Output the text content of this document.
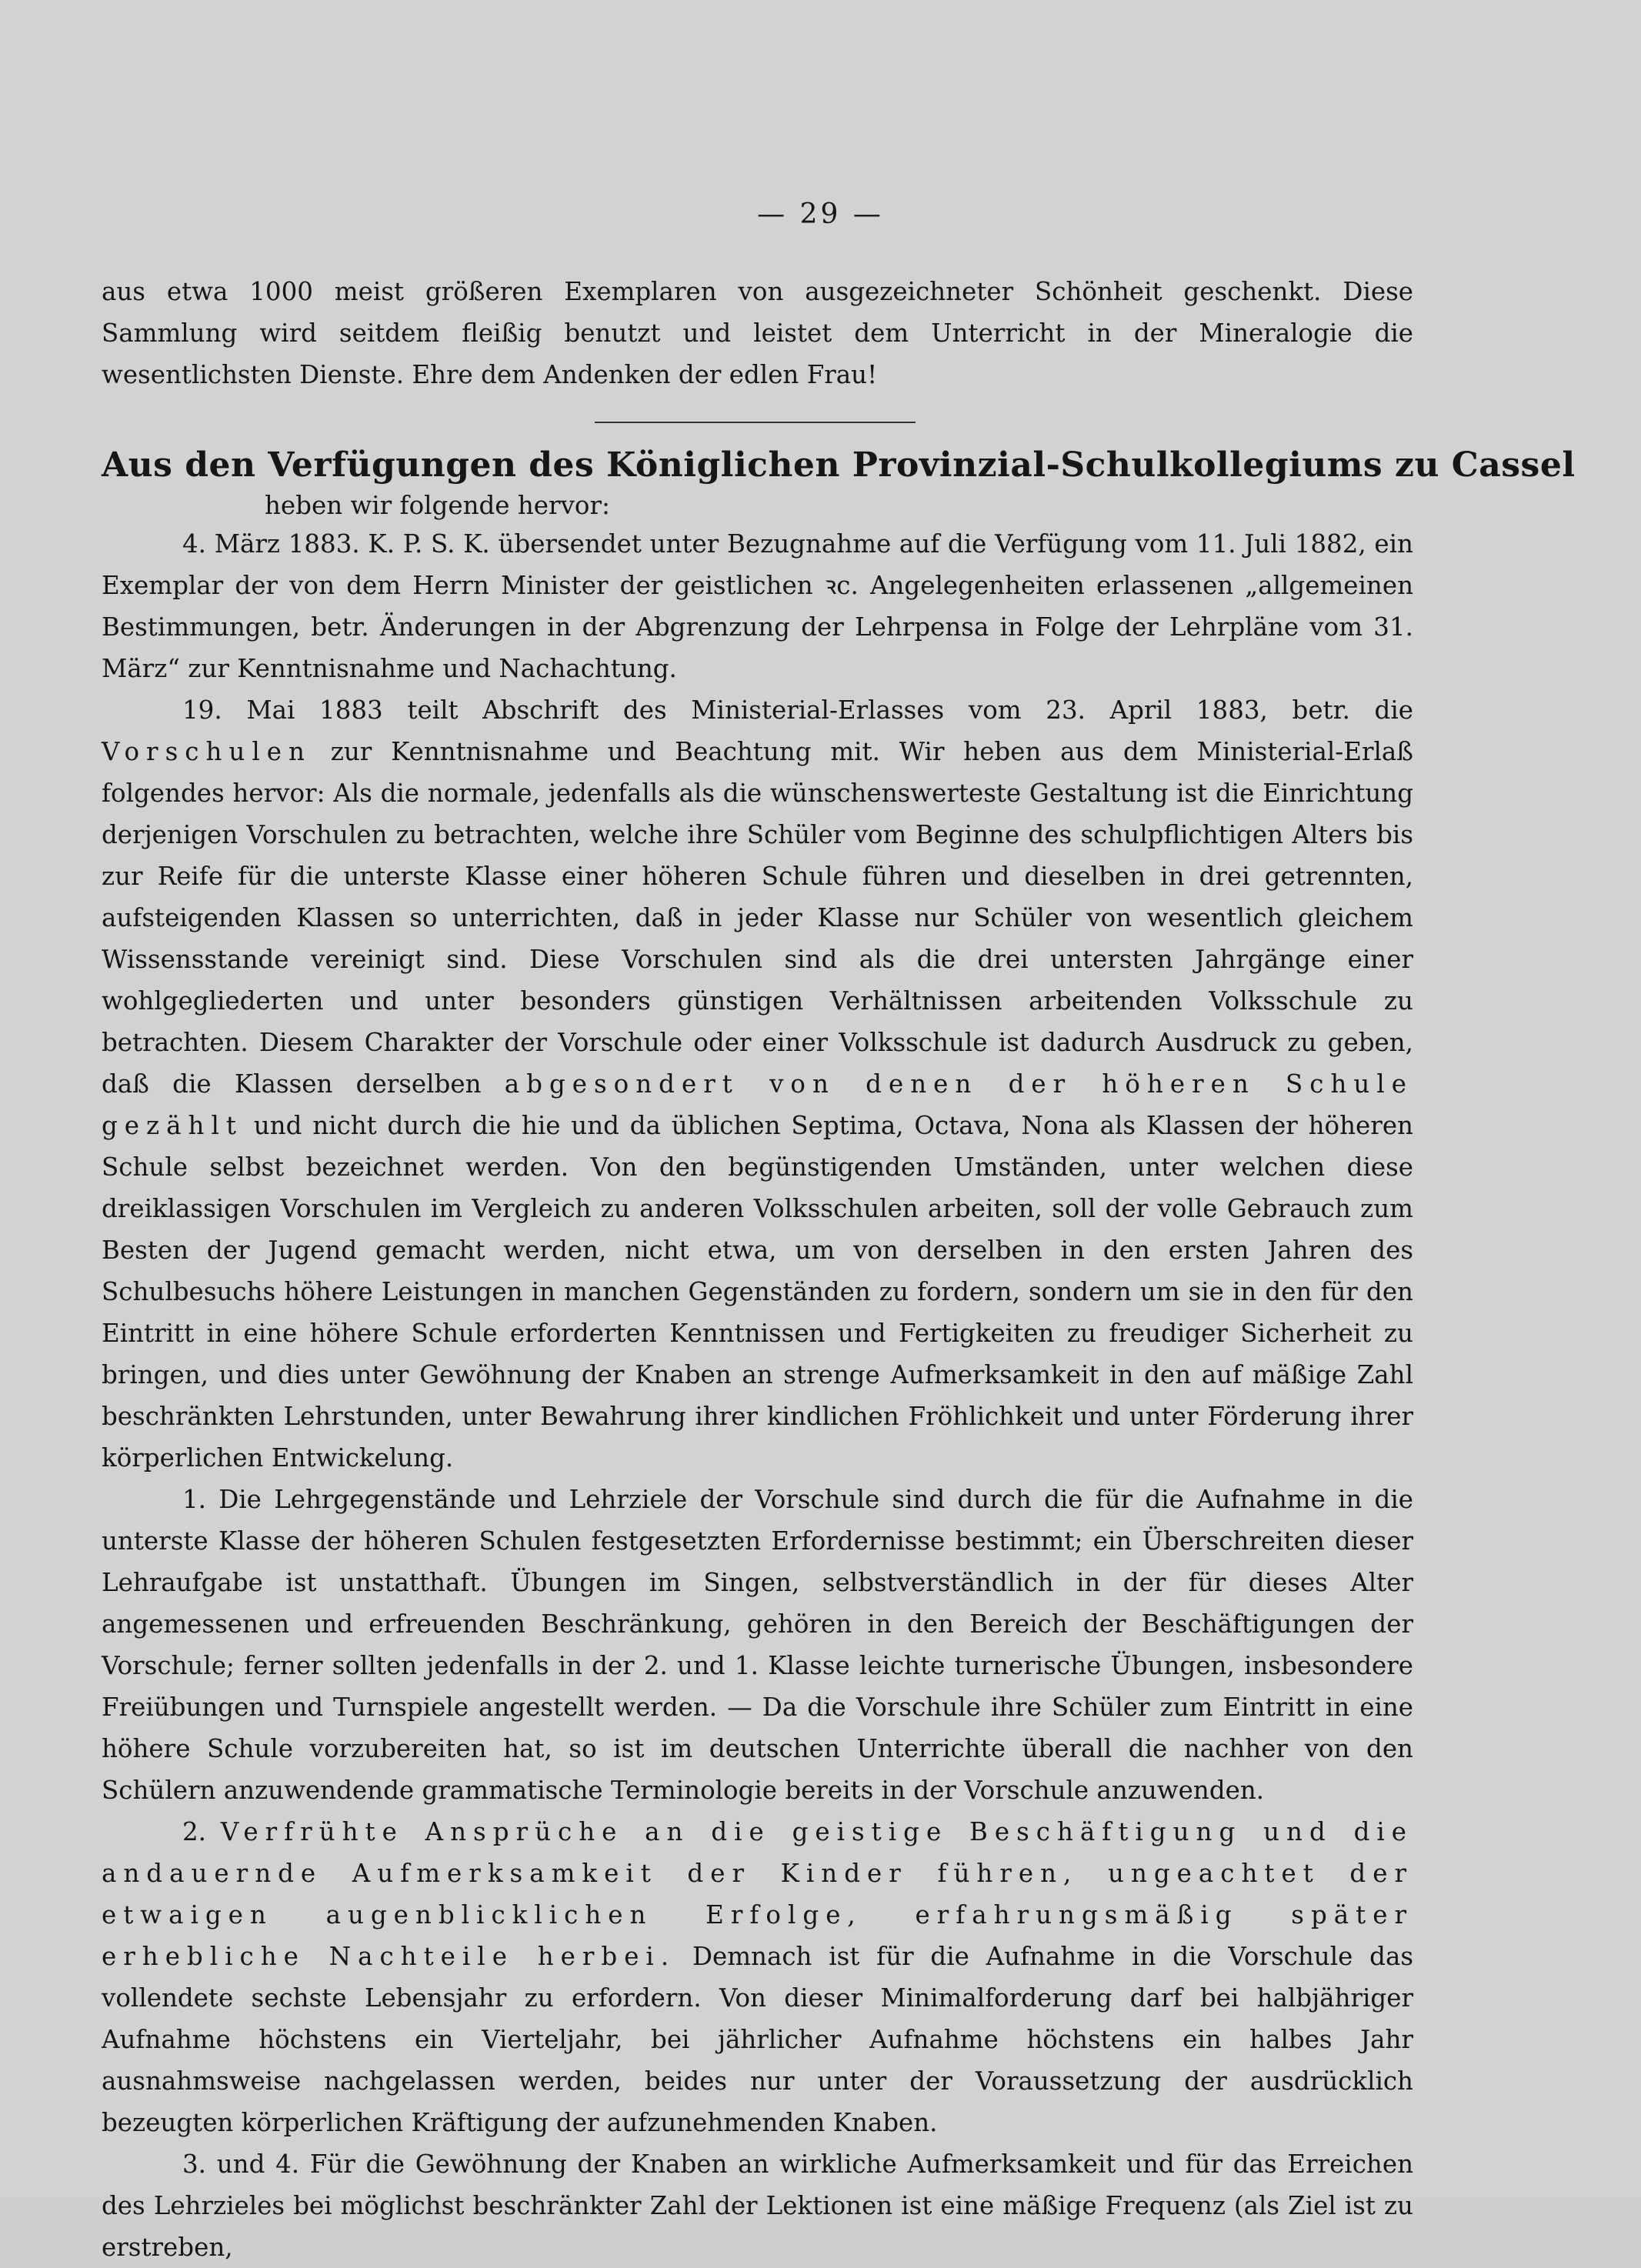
— 29 —

aus etwa 1000 meist größeren Exemplaren von ausgezeichneter Schönheit geschenkt. Diese Sammlung wird seitdem fleißig benutzt und leistet dem Unterricht in der Mineralogie die wesentlichsten Dienste. Ehre dem Andenken der edlen Frau!

Aus den Verfügungen des Königlichen Provinzial-Schulkollegiums zu Cassel
heben wir folgende hervor:

4. März 1883. K. P. S. K. übersendet unter Bezugnahme auf die Verfügung vom 11. Juli 1882, ein Exemplar der von dem Herrn Minister der geistlichen ꝛc. Angelegenheiten erlassenen „allgemeinen Bestimmungen, betr. Änderungen in der Abgrenzung der Lehrpensa in Folge der Lehrpläne vom 31. März“ zur Kenntnisnahme und Nachachtung.

19. Mai 1883 teilt Abschrift des Ministerial-Erlasses vom 23. April 1883, betr. die Vorschulen zur Kenntnisnahme und Beachtung mit. Wir heben aus dem Ministerial-Erlaß folgendes hervor: Als die normale, jedenfalls als die wünschenswerteste Gestaltung ist die Einrichtung derjenigen Vorschulen zu betrachten, welche ihre Schüler vom Beginne des schulpflichtigen Alters bis zur Reife für die unterste Klasse einer höheren Schule führen und dieselben in drei getrennten, aufsteigenden Klassen so unterrichten, daß in jeder Klasse nur Schüler von wesentlich gleichem Wissensstande vereinigt sind. Diese Vorschulen sind als die drei untersten Jahrgänge einer wohlgegliederten und unter besonders günstigen Verhältnissen arbeitenden Volksschule zu betrachten. Diesem Charakter der Vorschule oder einer Volksschule ist dadurch Ausdruck zu geben, daß die Klassen derselben abgesondert von denen der höheren Schule gezählt und nicht durch die hie und da üblichen Septima, Octava, Nona als Klassen der höheren Schule selbst bezeichnet werden. Von den begünstigenden Umständen, unter welchen diese dreiklassigen Vorschulen im Vergleich zu anderen Volksschulen arbeiten, soll der volle Gebrauch zum Besten der Jugend gemacht werden, nicht etwa, um von derselben in den ersten Jahren des Schulbesuchs höhere Leistungen in manchen Gegenständen zu fordern, sondern um sie in den für den Eintritt in eine höhere Schule erforderten Kenntnissen und Fertigkeiten zu freudiger Sicherheit zu bringen, und dies unter Gewöhnung der Knaben an strenge Aufmerksamkeit in den auf mäßige Zahl beschränkten Lehrstunden, unter Bewahrung ihrer kindlichen Fröhlichkeit und unter Förderung ihrer körperlichen Entwickelung.

1. Die Lehrgegenstände und Lehrziele der Vorschule sind durch die für die Aufnahme in die unterste Klasse der höheren Schulen festgesetzten Erfordernisse bestimmt; ein Überschreiten dieser Lehraufgabe ist unstatthaft. Übungen im Singen, selbstverständlich in der für dieses Alter angemessenen und erfreuenden Beschränkung, gehören in den Bereich der Beschäftigungen der Vorschule; ferner sollten jedenfalls in der 2. und 1. Klasse leichte turnerische Übungen, insbesondere Freiübungen und Turnspiele angestellt werden. — Da die Vorschule ihre Schüler zum Eintritt in eine höhere Schule vorzubereiten hat, so ist im deutschen Unterrichte überall die nachher von den Schülern anzuwendende grammatische Terminologie bereits in der Vorschule anzuwenden.

2. Verfrühte Ansprüche an die geistige Beschäftigung und die andauernde Aufmerksamkeit der Kinder führen, ungeachtet der etwaigen augenblicklichen Erfolge, erfahrungsmäßig später erhebliche Nachteile herbei. Demnach ist für die Aufnahme in die Vorschule das vollendete sechste Lebensjahr zu erfordern. Von dieser Minimalforderung darf bei halbjähriger Aufnahme höchstens ein Vierteljahr, bei jährlicher Aufnahme höchstens ein halbes Jahr ausnahmsweise nachgelassen werden, beides nur unter der Voraussetzung der ausdrücklich bezeugten körperlichen Kräftigung der aufzunehmenden Knaben.

3. und 4. Für die Gewöhnung der Knaben an wirkliche Aufmerksamkeit und für das Erreichen des Lehrzieles bei möglichst beschränkter Zahl der Lektionen ist eine mäßige Frequenz (als Ziel ist zu erstreben,
